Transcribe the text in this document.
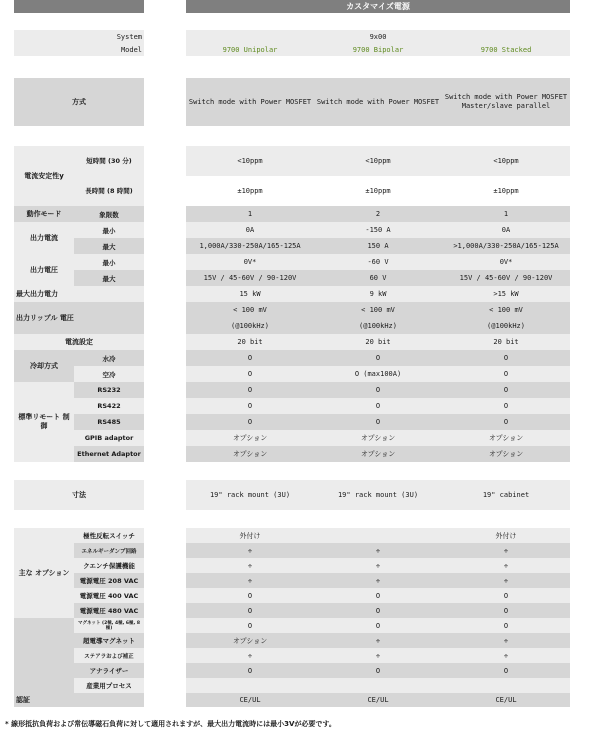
カスタマイズ電源
System			9x00		
Model			9700 Unipolar	9700 Bipolar	9700 Stacked

方式			Switch mode with Power MOSFET	Switch mode with Power MOSFET	Switch mode with Power MOSFET Master/slave parallel

電流安定性y	短時間 (30 分)		<10ppm	<10ppm	<10ppm
	長時間 (8 時間)		±10ppm	±10ppm	±10ppm
動作モード	象限数		1	2	1
出力電流	最小		0A	-150 A	0A
	最大		1,000A/330-250A/165-125A	150 A	>1,000A/330-250A/165-125A
出力電圧	最小		0V*	-60 V	0V*
	最大		15V / 45-60V / 90-120V	60 V	15V / 45-60V / 90-120V
最大出力電力			15 kW	9 kW	>15 kW
出力リップル 電圧			< 100 mV	< 100 mV	< 100 mV
			(@100kHz)	(@100kHz)	(@100kHz)
電流設定			20 bit	20 bit	20 bit
冷却方式	水冷		O	O	O
	空冷		O	O (max100A)	O
標準リモート 制御	RS232		O	O	O
	RS422		O	O	O
	RS485		O	O	O
	GPIB adaptor		オプション	オプション	オプション
	Ethernet Adaptor		オプション	オプション	オプション

寸法			19" rack mount (3U)	19" rack mount (3U)	19" cabinet

主な オプション	極性反転スイッチ		外付け		外付け
	エネルギーダンプ回路		÷	÷	÷
	クエンチ保護機能		÷	÷	÷
	電源電圧 208 VAC		÷	÷	÷
	電源電圧 400 VAC		O	O	O
	電源電圧 480 VAC		O	O	O
	マグネット (2極, 4極, 6極, 8 極)		O	O	O
	超電導マグネット		オプション	÷	÷
	ステアラおよび補正		÷	÷	÷
	アナライザー		O	O	O
	産業用プロセス				
認証			CE/UL	CE/UL	CE/UL
* 線形抵抗負荷および常伝導磁石負荷に対して適用されますが、最大出力電流時には最小3Vが必要です。
